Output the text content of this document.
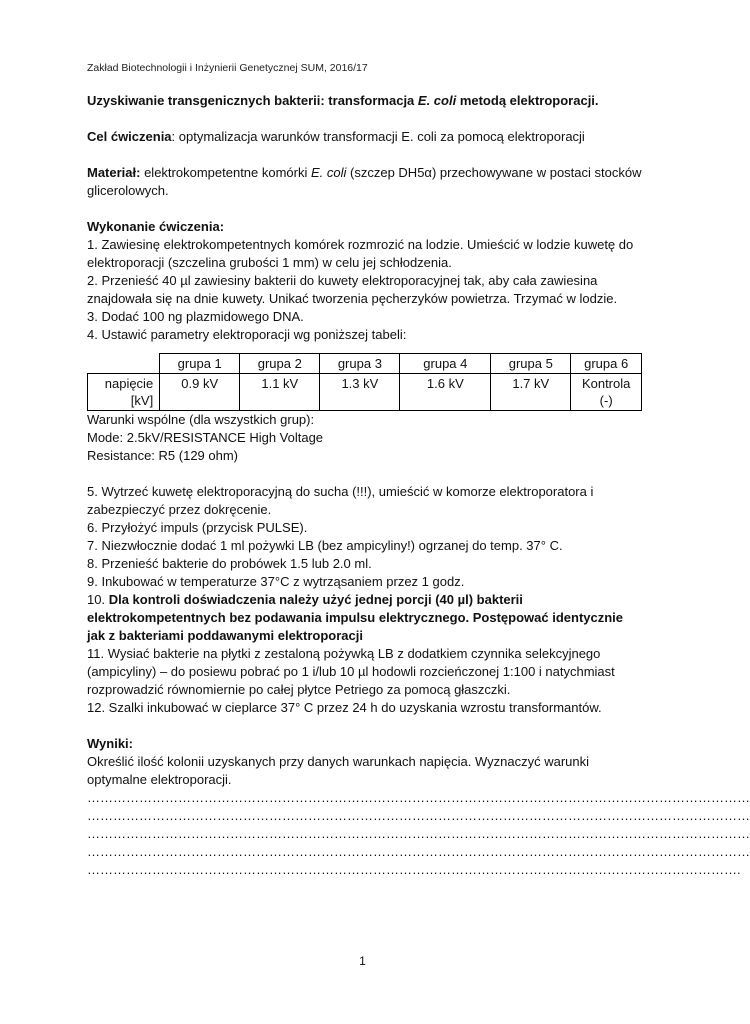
Zakład Biotechnologii i Inżynierii Genetycznej SUM, 2016/17

Uzyskiwanie transgenicznych bakterii: transformacja E. coli metodą elektroporacji.

Cel ćwiczenia: optymalizacja warunków transformacji E. coli za pomocą elektroporacji

Materiał: elektrokompetentne komórki E. coli (szczep DH5α) przechowywane w postaci stocków glicerolowych.

Wykonanie ćwiczenia:

1. Zawiesinę elektrokompetentnych komórek rozmrozić na lodzie. Umieścić w lodzie kuwetę do elektroporacji (szczelina grubości 1 mm) w celu jej schłodzenia.

2. Przenieść 40 µl zawiesiny bakterii do kuwety elektroporacyjnej tak, aby cała zawiesina znajdowała się na dnie kuwety. Unikać tworzenia pęcherzyków powietrza. Trzymać w lodzie.

3. Dodać 100 ng plazmidowego DNA.

4. Ustawić parametry elektroporacji wg poniższej tabeli:

	grupa 1	grupa 2	grupa 3	grupa 4	grupa 5	grupa 6
napięcie [kV]	0.9 kV	1.1 kV	1.3 kV	1.6 kV	1.7 kV	Kontrola (-)

Warunki wspólne (dla wszystkich grup):

Mode: 2.5kV/RESISTANCE High Voltage

Resistance: R5 (129 ohm)

5. Wytrzeć kuwetę elektroporacyjną do sucha (!!!), umieścić w komorze elektroporatora i zabezpieczyć przez dokręcenie.

6. Przyłożyć impuls (przycisk PULSE).

7. Niezwłocznie dodać 1 ml pożywki LB (bez ampicyliny!) ogrzanej do temp. 37° C.

8. Przenieść bakterie do probówek 1.5 lub 2.0 ml.

9. Inkubować w temperaturze 37°C z wytrząsaniem przez 1 godz.

10. Dla kontroli doświadczenia należy użyć jednej porcji (40 µl) bakterii elektrokompetentnych bez podawania impulsu elektrycznego. Postępować identycznie jak z bakteriami poddawanymi elektroporacji

11. Wysiać bakterie na płytki z zestaloną pożywką LB z dodatkiem czynnika selekcyjnego (ampicyliny) – do posiewu pobrać po 1 i/lub 10 µl hodowli rozcieńczonej 1:100 i natychmiast rozprowadzić równomiernie po całej płytce Petriego za pomocą głaszczki.

12. Szalki inkubować w cieplarce 37° C przez 24 h do uzyskania wzrostu transformantów.

Wyniki:

Określić ilość kolonii uzyskanych przy danych warunkach napięcia. Wyznaczyć warunki optymalne elektroporacji.

………………………………………………………………………………………………………………………………………

………………………………………………………………………………………………………………………………………

………………………………………………………………………………………………………………………………………

………………………………………………………………………………………………………………………………………

…………………………………………………………………………………………………………………………………….

1
